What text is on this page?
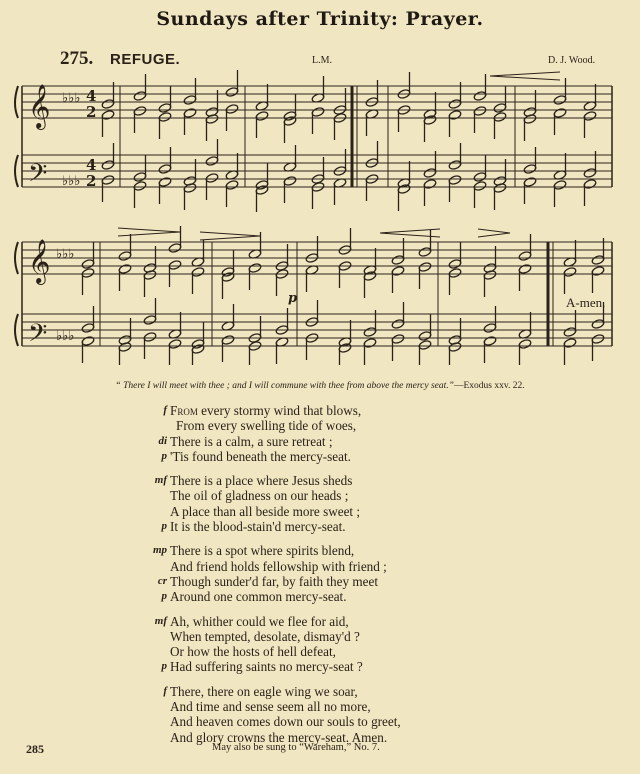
Sundays after Trinity: Prayer.
275. REFUGE.	L.M.	D. J. Wood.
𝄞
𝄢
𝄞
𝄢
♭♭♭
♭♭♭
♭♭♭
♭♭♭
4
2
4
2
p	A-men.
“ There I will meet with thee ; and I will commune with thee from above the mercy seat.”—Exodus xxv. 22.
f From every stormy wind that blows,
From every swelling tide of woes,
di There is a calm, a sure retreat ;
p 'Tis found beneath the mercy-seat.
mf There is a place where Jesus sheds
The oil of gladness on our heads ;
A place than all beside more sweet ;
p It is the blood-stain'd mercy-seat.
mp There is a spot where spirits blend,
And friend holds fellowship with friend ;
cr Though sunder'd far, by faith they meet
p Around one common mercy-seat.
mf Ah, whither could we flee for aid,
When tempted, desolate, dismay'd ?
Or how the hosts of hell defeat,
p Had suffering saints no mercy-seat ?
f There, there on eagle wing we soar,
And time and sense seem all no more,
And heaven comes down our souls to greet,
And glory crowns the mercy-seat. Amen.
285	May also be sung to “Wareham,” No. 7.
